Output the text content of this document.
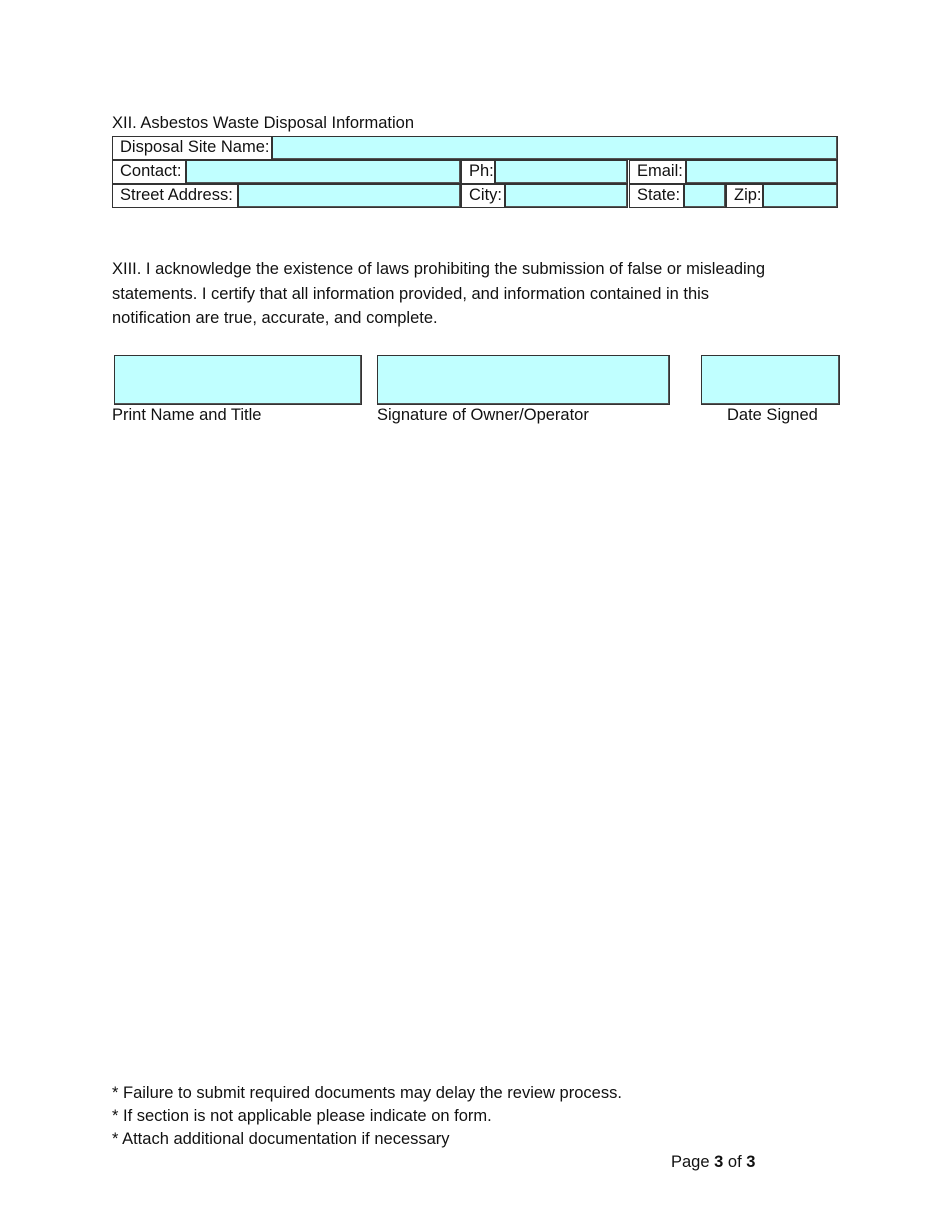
XII. Asbestos Waste Disposal Information
Disposal Site Name:
Contact:	Ph:	Email:
Street Address:	City:	State:	Zip:
XIII. I acknowledge the existence of laws prohibiting the submission of false or misleading
statements. I certify that all information provided, and information contained in this
notification are true, accurate, and complete.
Print Name and Title	Signature of Owner/Operator	Date Signed
* Failure to submit required documents may delay the review process.
* If section is not applicable please indicate on form.
* Attach additional documentation if necessary
Page 3 of 3
